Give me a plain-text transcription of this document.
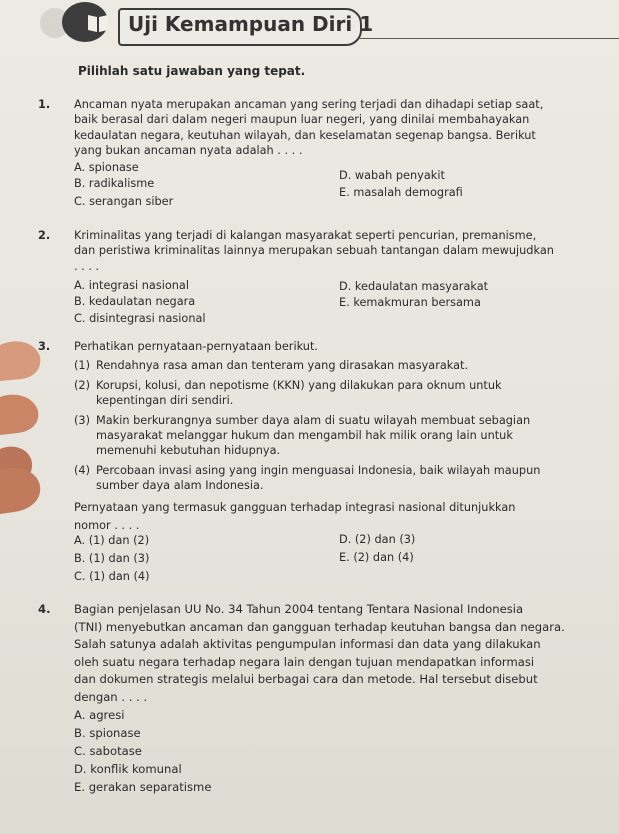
Uji Kemampuan Diri 1
Pilihlah satu jawaban yang tepat.
1. Ancaman nyata merupakan ancaman yang sering terjadi dan dihadapi setiap saat,

baik berasal dari dalam negeri maupun luar negeri, yang dinilai membahayakan

kedaulatan negara, keutuhan wilayah, dan keselamatan segenap bangsa. Berikut

yang bukan ancaman nyata adalah . . . .

A. spionase
B. radikalisme
C. serangan siber
D. wabah penyakit
E. masalah demografi
2. Kriminalitas yang terjadi di kalangan masyarakat seperti pencurian, premanisme,

dan peristiwa kriminalitas lainnya merupakan sebuah tantangan dalam mewujudkan

. . . .

A. integrasi nasional
B. kedaulatan negara
C. disintegrasi nasional
D. kedaulatan masyarakat
E. kemakmuran bersama
3. Perhatikan pernyataan-pernyataan berikut.

(1) Rendahnya rasa aman dan tenteram yang dirasakan masyarakat.
(2) Korupsi, kolusi, dan nepotisme (KKN) yang dilakukan para oknum untuk
kepentingan diri sendiri.
(3) Makin berkurangnya sumber daya alam di suatu wilayah membuat sebagian
masyarakat melanggar hukum dan mengambil hak milik orang lain untuk
memenuhi kebutuhan hidupnya.
(4) Percobaan invasi asing yang ingin menguasai Indonesia, baik wilayah maupun
sumber daya alam Indonesia.

Pernyataan yang termasuk gangguan terhadap integrasi nasional ditunjukkan

nomor . . . .

A. (1) dan (2)
B. (1) dan (3)
C. (1) dan (4)
D. (2) dan (3)
E. (2) dan (4)
4. Bagian penjelasan UU No. 34 Tahun 2004 tentang Tentara Nasional Indonesia

(TNI) menyebutkan ancaman dan gangguan terhadap keutuhan bangsa dan negara.

Salah satunya adalah aktivitas pengumpulan informasi dan data yang dilakukan

oleh suatu negara terhadap negara lain dengan tujuan mendapatkan informasi

dan dokumen strategis melalui berbagai cara dan metode. Hal tersebut disebut

dengan . . . .

A. agresi
B. spionase
C. sabotase
D. konflik komunal
E. gerakan separatisme
